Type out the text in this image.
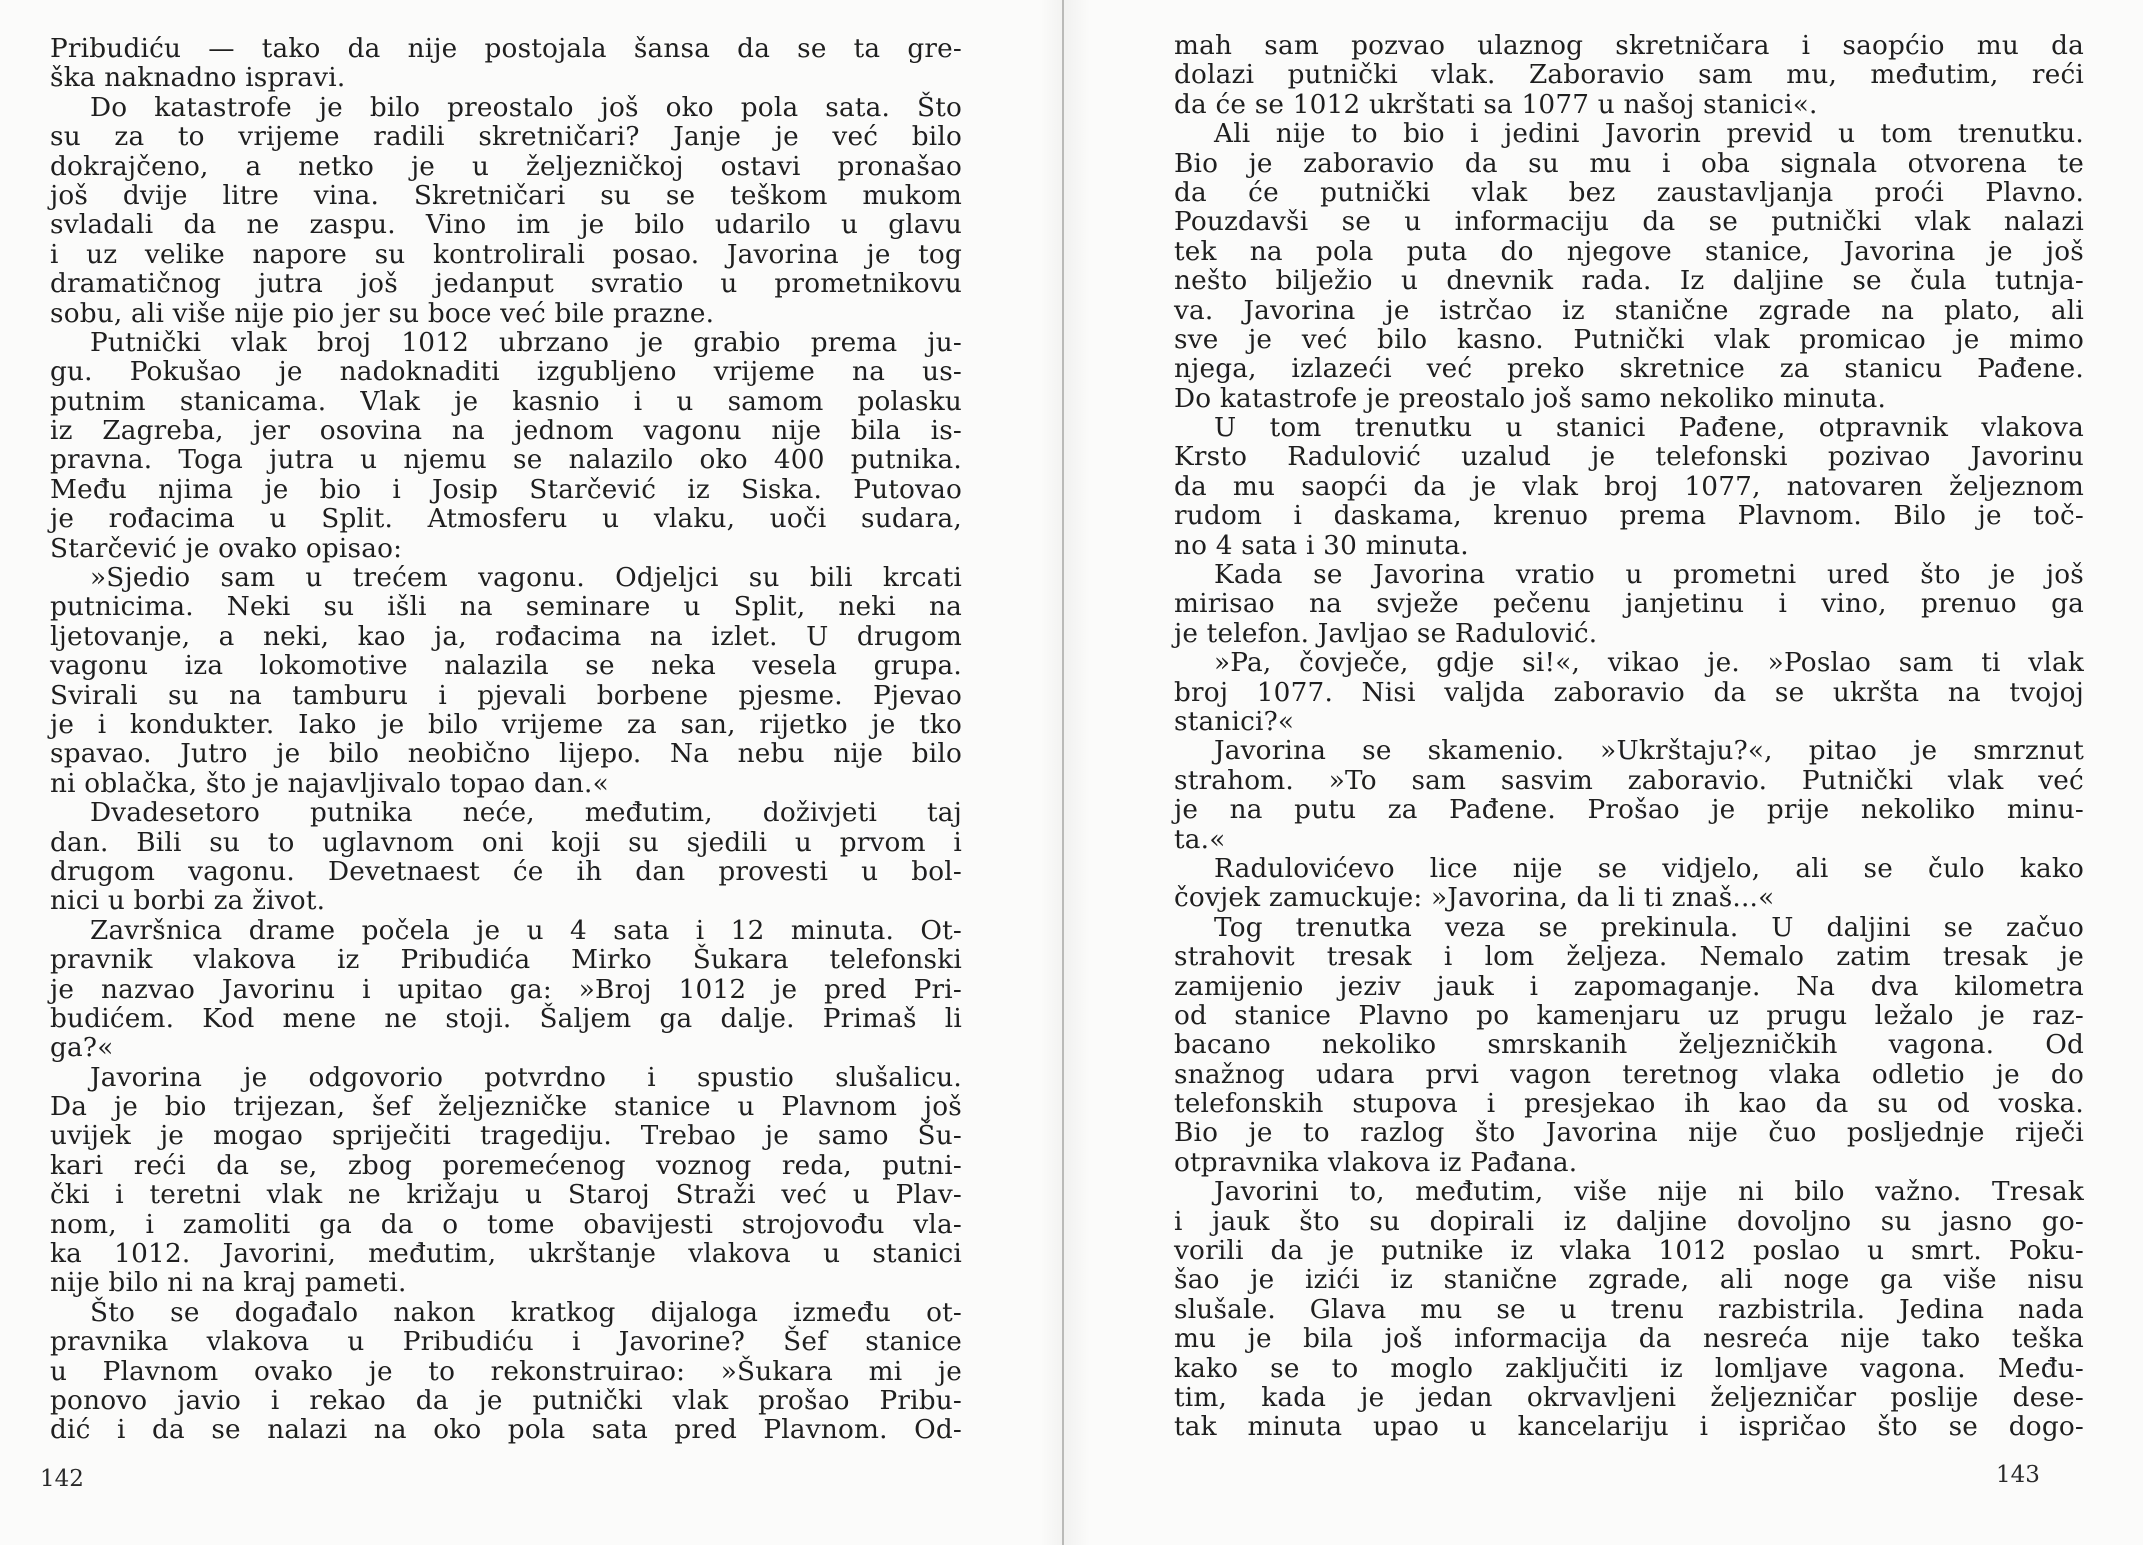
Pribudiću — tako da nije postojala šansa da se ta gre-
ška naknadno ispravi.
Do katastrofe je bilo preostalo još oko pola sata. Što
su za to vrijeme radili skretničari? Janje je već bilo
dokrajčeno, a netko je u željezničkoj ostavi pronašao
još dvije litre vina. Skretničari su se teškom mukom
svladali da ne zaspu. Vino im je bilo udarilo u glavu
i uz velike napore su kontrolirali posao. Javorina je tog
dramatičnog jutra još jedanput svratio u prometnikovu
sobu, ali više nije pio jer su boce već bile prazne.
Putnički vlak broj 1012 ubrzano je grabio prema ju-
gu. Pokušao je nadoknaditi izgubljeno vrijeme na us-
putnim stanicama. Vlak je kasnio i u samom polasku
iz Zagreba, jer osovina na jednom vagonu nije bila is-
pravna. Toga jutra u njemu se nalazilo oko 400 putnika.
Među njima je bio i Josip Starčević iz Siska. Putovao
je rođacima u Split. Atmosferu u vlaku, uoči sudara,
Starčević je ovako opisao:
»Sjedio sam u trećem vagonu. Odjeljci su bili krcati
putnicima. Neki su išli na seminare u Split, neki na
ljetovanje, a neki, kao ja, rođacima na izlet. U drugom
vagonu iza lokomotive nalazila se neka vesela grupa.
Svirali su na tamburu i pjevali borbene pjesme. Pjevao
je i kondukter. Iako je bilo vrijeme za san, rijetko je tko
spavao. Jutro je bilo neobično lijepo. Na nebu nije bilo
ni oblačka, što je najavljivalo topao dan.«
Dvadesetoro putnika neće, međutim, doživjeti taj
dan. Bili su to uglavnom oni koji su sjedili u prvom i
drugom vagonu. Devetnaest će ih dan provesti u bol-
nici u borbi za život.
Završnica drame počela je u 4 sata i 12 minuta. Ot-
pravnik vlakova iz Pribudića Mirko Šukara telefonski
je nazvao Javorinu i upitao ga: »Broj 1012 je pred Pri-
budićem. Kod mene ne stoji. Šaljem ga dalje. Primaš li
ga?«
Javorina je odgovorio potvrdno i spustio slušalicu.
Da je bio trijezan, šef željezničke stanice u Plavnom još
uvijek je mogao spriječiti tragediju. Trebao je samo Šu-
kari reći da se, zbog poremećenog voznog reda, putni-
čki i teretni vlak ne križaju u Staroj Straži već u Plav-
nom, i zamoliti ga da o tome obavijesti strojovođu vla-
ka 1012. Javorini, međutim, ukrštanje vlakova u stanici
nije bilo ni na kraj pameti.
Što se događalo nakon kratkog dijaloga između ot-
pravnika vlakova u Pribudiću i Javorine? Šef stanice
u Plavnom ovako je to rekonstruirao: »Šukara mi je
ponovo javio i rekao da je putnički vlak prošao Pribu-
dić i da se nalazi na oko pola sata pred Plavnom. Od-
142
mah sam pozvao ulaznog skretničara i saopćio mu da
dolazi putnički vlak. Zaboravio sam mu, međutim, reći
da će se 1012 ukrštati sa 1077 u našoj stanici«.
Ali nije to bio i jedini Javorin previd u tom trenutku.
Bio je zaboravio da su mu i oba signala otvorena te
da će putnički vlak bez zaustavljanja proći Plavno.
Pouzdavši se u informaciju da se putnički vlak nalazi
tek na pola puta do njegove stanice, Javorina je još
nešto bilježio u dnevnik rada. Iz daljine se čula tutnja-
va. Javorina je istrčao iz stanične zgrade na plato, ali
sve je već bilo kasno. Putnički vlak promicao je mimo
njega, izlazeći već preko skretnice za stanicu Pađene.
Do katastrofe je preostalo još samo nekoliko minuta.
U tom trenutku u stanici Pađene, otpravnik vlakova
Krsto Radulović uzalud je telefonski pozivao Javorinu
da mu saopći da je vlak broj 1077, natovaren željeznom
rudom i daskama, krenuo prema Plavnom. Bilo je toč-
no 4 sata i 30 minuta.
Kada se Javorina vratio u prometni ured što je još
mirisao na svježe pečenu janjetinu i vino, prenuo ga
je telefon. Javljao se Radulović.
»Pa, čovječe, gdje si!«, vikao je. »Poslao sam ti vlak
broj 1077. Nisi valjda zaboravio da se ukršta na tvojoj
stanici?«
Javorina se skamenio. »Ukrštaju?«, pitao je smrznut
strahom. »To sam sasvim zaboravio. Putnički vlak već
je na putu za Pađene. Prošao je prije nekoliko minu-
ta.«
Radulovićevo lice nije se vidjelo, ali se čulo kako
čovjek zamuckuje: »Javorina, da li ti znaš...«
Tog trenutka veza se prekinula. U daljini se začuo
strahovit tresak i lom željeza. Nemalo zatim tresak je
zamijenio jeziv jauk i zapomaganje. Na dva kilometra
od stanice Plavno po kamenjaru uz prugu ležalo je raz-
bacano nekoliko smrskanih željezničkih vagona. Od
snažnog udara prvi vagon teretnog vlaka odletio je do
telefonskih stupova i presjekao ih kao da su od voska.
Bio je to razlog što Javorina nije čuo posljednje riječi
otpravnika vlakova iz Pađana.
Javorini to, međutim, više nije ni bilo važno. Tresak
i jauk što su dopirali iz daljine dovoljno su jasno go-
vorili da je putnike iz vlaka 1012 poslao u smrt. Poku-
šao je izići iz stanične zgrade, ali noge ga više nisu
slušale. Glava mu se u trenu razbistrila. Jedina nada
mu je bila još informacija da nesreća nije tako teška
kako se to moglo zaključiti iz lomljave vagona. Među-
tim, kada je jedan okrvavljeni željezničar poslije dese-
tak minuta upao u kancelariju i ispričao što se dogo-
143
